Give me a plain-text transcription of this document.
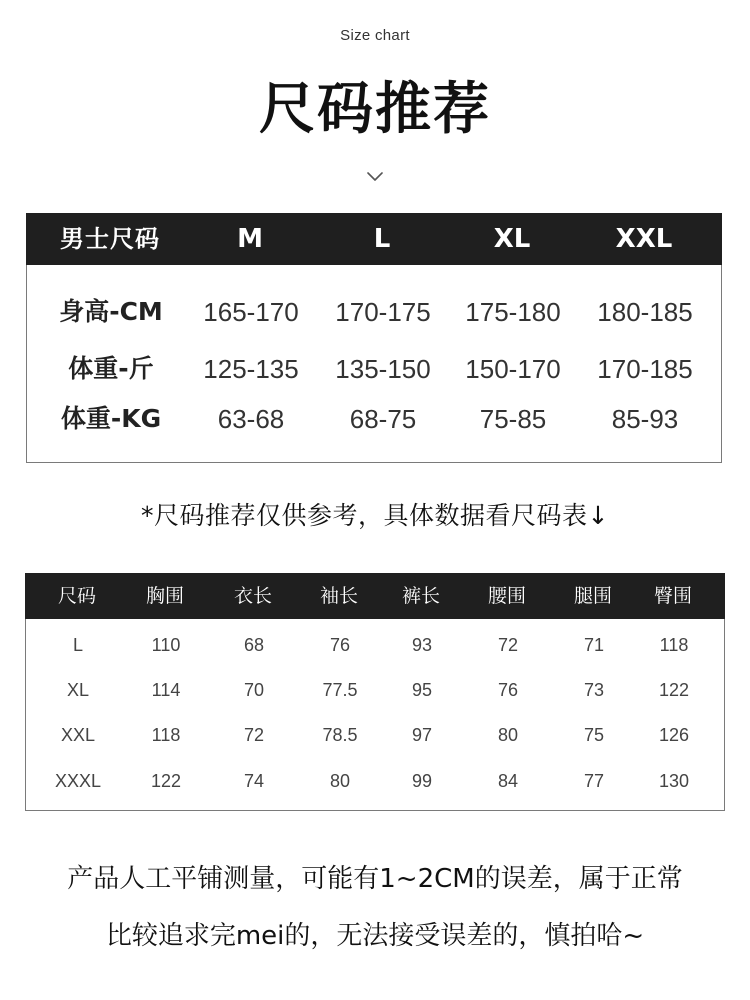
Size chart
尺码推荐
男士尺码	M	L	XL	XXL
身高-CM	165-170	170-175	175-180	180-185
体重-斤	125-135	135-150	150-170	170-185
体重-KG	63-68	68-75	75-85	85-93
*尺码推荐仅供参考，具体数据看尺码表↓
尺码	胸围	衣长	袖长	裤长	腰围	腿围	臀围
L	110	68	76	93	72	71	118
XL	114	70	77.5	95	76	73	122
XXL	118	72	78.5	97	80	75	126
XXXL	122	74	80	99	84	77	130
产品人工平铺测量，可能有1~2CM的误差，属于正常
比较追求完mei的，无法接受误差的，慎拍哈~
